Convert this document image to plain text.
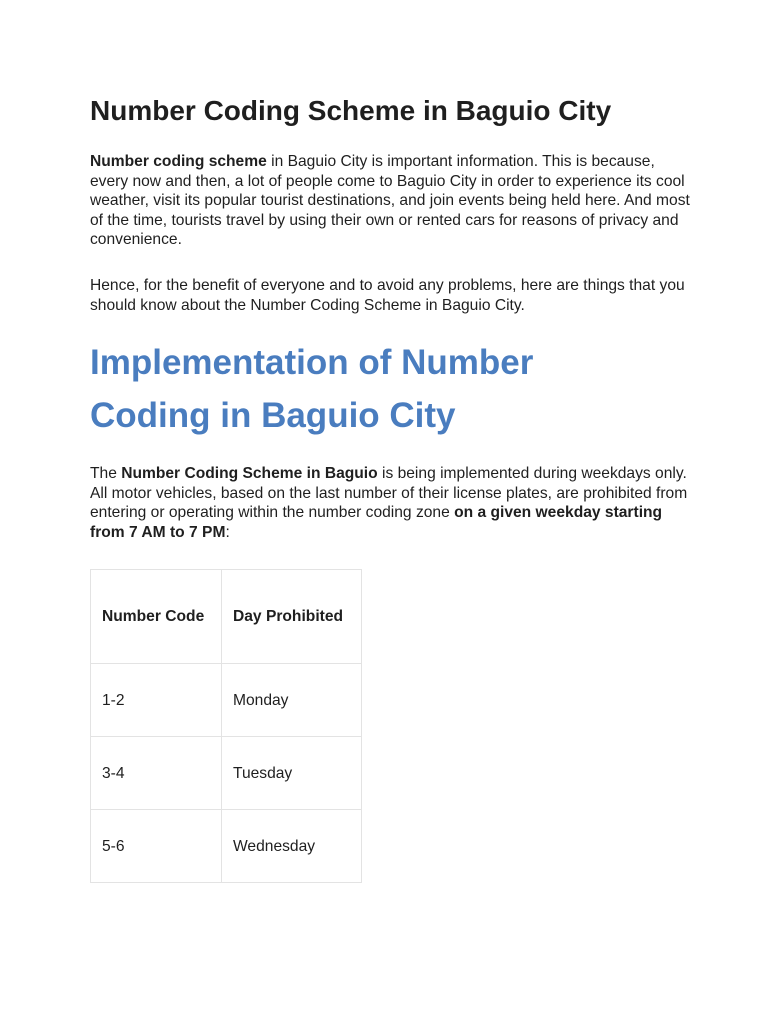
Number Coding Scheme in Baguio City

Number coding scheme in Baguio City is important information. This is because, every now and then, a lot of people come to Baguio City in order to experience its cool weather, visit its popular tourist destinations, and join events being held here. And most of the time, tourists travel by using their own or rented cars for reasons of privacy and convenience.

Hence, for the benefit of everyone and to avoid any problems, here are things that you should know about the Number Coding Scheme in Baguio City.

Implementation of Number Coding in Baguio City

The Number Coding Scheme in Baguio is being implemented during weekdays only. All motor vehicles, based on the last number of their license plates, are prohibited from entering or operating within the number coding zone on a given weekday starting from 7 AM to 7 PM:

Number Code	Day Prohibited
1-2	Monday
3-4	Tuesday
5-6	Wednesday
